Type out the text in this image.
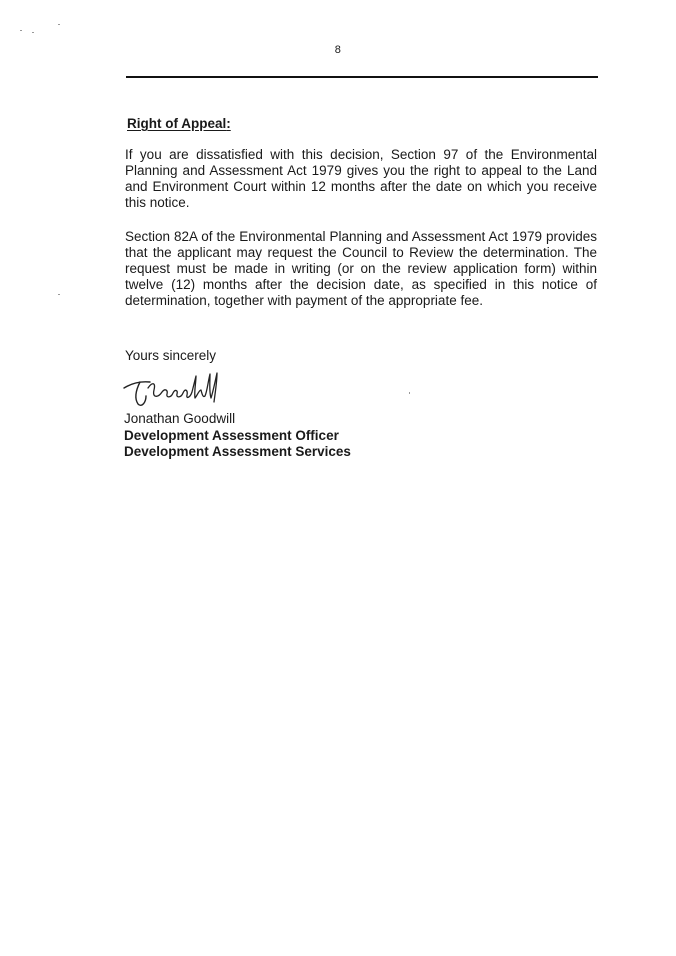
8
Right of Appeal:

If you are dissatisfied with this decision, Section 97 of the Environmental Planning and Assessment Act 1979 gives you the right to appeal to the Land and Environment Court within 12 months after the date on which you receive this notice.

Section 82A of the Environmental Planning and Assessment Act 1979 provides that the applicant may request the Council to Review the determination. The request must be made in writing (or on the review application form) within twelve (12) months after the decision date, as specified in this notice of determination, together with payment of the appropriate fee.

Yours sincerely
Jonathan Goodwill
Development Assessment Officer
Development Assessment Services
